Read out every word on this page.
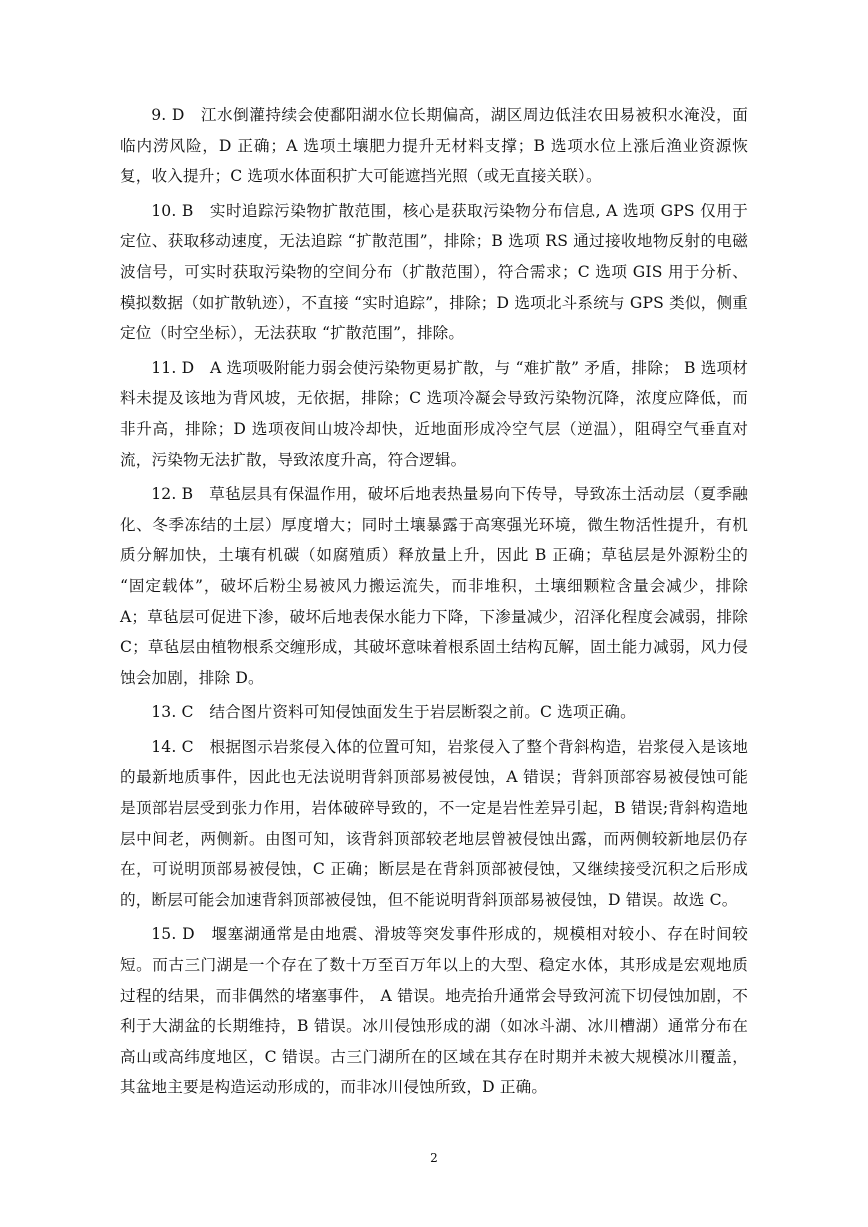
9. D　江水倒灌持续会使鄱阳湖水位长期偏高，湖区周边低洼农田易被积水淹没，面临内涝风险，D 正确；A 选项土壤肥力提升无材料支撑；B 选项水位上涨后渔业资源恢复，收入提升；C 选项水体面积扩大可能遮挡光照（或无直接关联）。

10. B　实时追踪污染物扩散范围，核心是获取污染物分布信息, A 选项 GPS 仅用于定位、获取移动速度，无法追踪 “扩散范围”，排除；B 选项 RS 通过接收地物反射的电磁波信号，可实时获取污染物的空间分布（扩散范围），符合需求；C 选项 GIS 用于分析、模拟数据（如扩散轨迹），不直接 “实时追踪”，排除；D 选项北斗系统与 GPS 类似，侧重定位（时空坐标），无法获取 “扩散范围”，排除。

11. D　A 选项吸附能力弱会使污染物更易扩散，与 “难扩散” 矛盾，排除； B 选项材料未提及该地为背风坡，无依据，排除；C 选项冷凝会导致污染物沉降，浓度应降低，而非升高，排除；D 选项夜间山坡冷却快，近地面形成冷空气层（逆温），阻碍空气垂直对流，污染物无法扩散，导致浓度升高，符合逻辑。

12. B　草毡层具有保温作用，破坏后地表热量易向下传导，导致冻土活动层（夏季融化、冬季冻结的土层）厚度增大；同时土壤暴露于高寒强光环境，微生物活性提升，有机质分解加快，土壤有机碳（如腐殖质）释放量上升，因此 B 正确；草毡层是外源粉尘的 “固定载体”，破坏后粉尘易被风力搬运流失，而非堆积，土壤细颗粒含量会减少，排除 A；草毡层可促进下渗，破坏后地表保水能力下降，下渗量减少，沼泽化程度会减弱，排除 C；草毡层由植物根系交缠形成，其破坏意味着根系固土结构瓦解，固土能力减弱，风力侵蚀会加剧，排除 D。

13. C　结合图片资料可知侵蚀面发生于岩层断裂之前。C 选项正确。

14. C　根据图示岩浆侵入体的位置可知，岩浆侵入了整个背斜构造，岩浆侵入是该地的最新地质事件，因此也无法说明背斜顶部易被侵蚀，A 错误；背斜顶部容易被侵蚀可能是顶部岩层受到张力作用，岩体破碎导致的，不一定是岩性差异引起，B 错误;背斜构造地层中间老，两侧新。由图可知，该背斜顶部较老地层曾被侵蚀出露，而两侧较新地层仍存在，可说明顶部易被侵蚀，C 正确；断层是在背斜顶部被侵蚀，又继续接受沉积之后形成的，断层可能会加速背斜顶部被侵蚀，但不能说明背斜顶部易被侵蚀，D 错误。故选 C。

15. D　堰塞湖通常是由地震、滑坡等突发事件形成的，规模相对较小、存在时间较短。而古三门湖是一个存在了数十万至百万年以上的大型、稳定水体，其形成是宏观地质过程的结果，而非偶然的堵塞事件， A 错误。地壳抬升通常会导致河流下切侵蚀加剧，不利于大湖盆的长期维持，B 错误。冰川侵蚀形成的湖（如冰斗湖、冰川槽湖）通常分布在高山或高纬度地区，C 错误。古三门湖所在的区域在其存在时期并未被大规模冰川覆盖，其盆地主要是构造运动形成的，而非冰川侵蚀所致，D 正确。

2
